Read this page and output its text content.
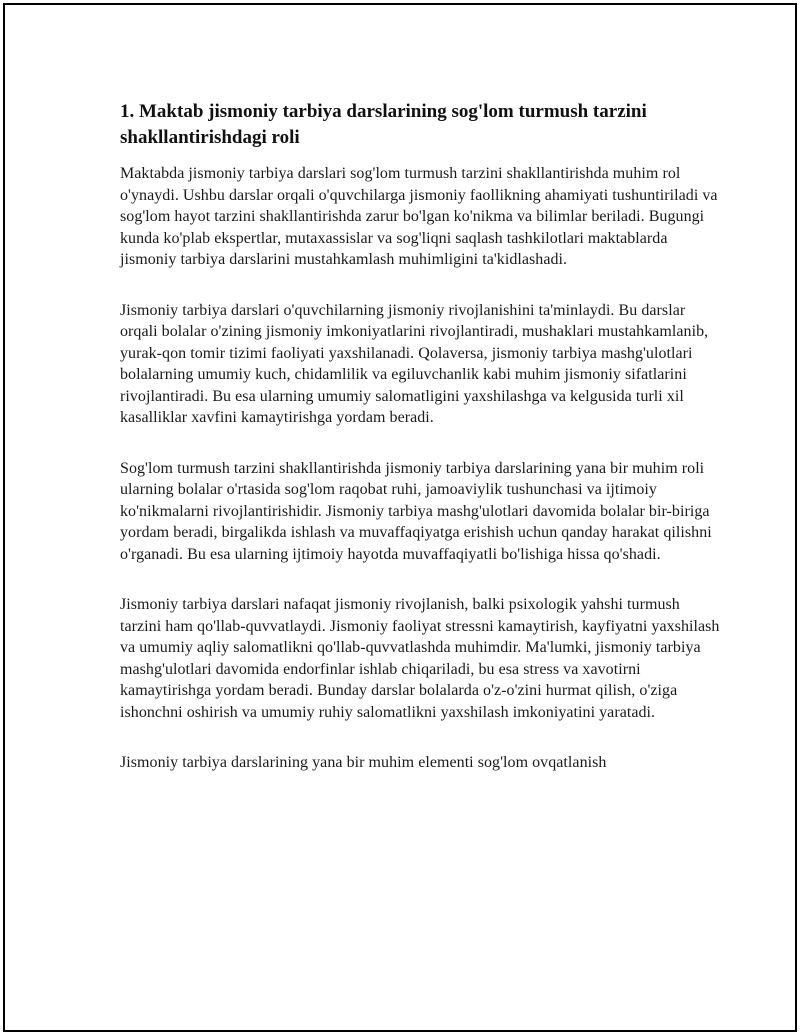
1. Maktab jismoniy tarbiya darslarining sog'lom turmush tarzini shakllantirishdagi roli

Maktabda jismoniy tarbiya darslari sog'lom turmush tarzini shakllantirishda muhim rol o'ynaydi. Ushbu darslar orqali o'quvchilarga jismoniy faollikning ahamiyati tushuntiriladi va sog'lom hayot tarzini shakllantirishda zarur bo'lgan ko'nikma va bilimlar beriladi. Bugungi kunda ko'plab ekspertlar, mutaxassislar va sog'liqni saqlash tashkilotlari maktablarda jismoniy tarbiya darslarini mustahkamlash muhimligini ta'kidlashadi.

Jismoniy tarbiya darslari o'quvchilarning jismoniy rivojlanishini ta'minlaydi. Bu darslar orqali bolalar o'zining jismoniy imkoniyatlarini rivojlantiradi, mushaklari mustahkamlanib, yurak-qon tomir tizimi faoliyati yaxshilanadi. Qolaversa, jismoniy tarbiya mashg'ulotlari bolalarning umumiy kuch, chidamlilik va egiluvchanlik kabi muhim jismoniy sifatlarini rivojlantiradi. Bu esa ularning umumiy salomatligini yaxshilashga va kelgusida turli xil kasalliklar xavfini kamaytirishga yordam beradi.

Sog'lom turmush tarzini shakllantirishda jismoniy tarbiya darslarining yana bir muhim roli ularning bolalar o'rtasida sog'lom raqobat ruhi, jamoaviylik tushunchasi va ijtimoiy ko'nikmalarni rivojlantirishidir. Jismoniy tarbiya mashg'ulotlari davomida bolalar bir-biriga yordam beradi, birgalikda ishlash va muvaffaqiyatga erishish uchun qanday harakat qilishni o'rganadi. Bu esa ularning ijtimoiy hayotda muvaffaqiyatli bo'lishiga hissa qo'shadi.

Jismoniy tarbiya darslari nafaqat jismoniy rivojlanish, balki psixologik yahshi turmush tarzini ham qo'llab-quvvatlaydi. Jismoniy faoliyat stressni kamaytirish, kayfiyatni yaxshilash va umumiy aqliy salomatlikni qo'llab-quvvatlashda muhimdir. Ma'lumki, jismoniy tarbiya mashg'ulotlari davomida endorfinlar ishlab chiqariladi, bu esa stress va xavotirni kamaytirishga yordam beradi. Bunday darslar bolalarda o'z-o'zini hurmat qilish, o'ziga ishonchni oshirish va umumiy ruhiy salomatlikni yaxshilash imkoniyatini yaratadi.

Jismoniy tarbiya darslarining yana bir muhim elementi sog'lom ovqatlanish
